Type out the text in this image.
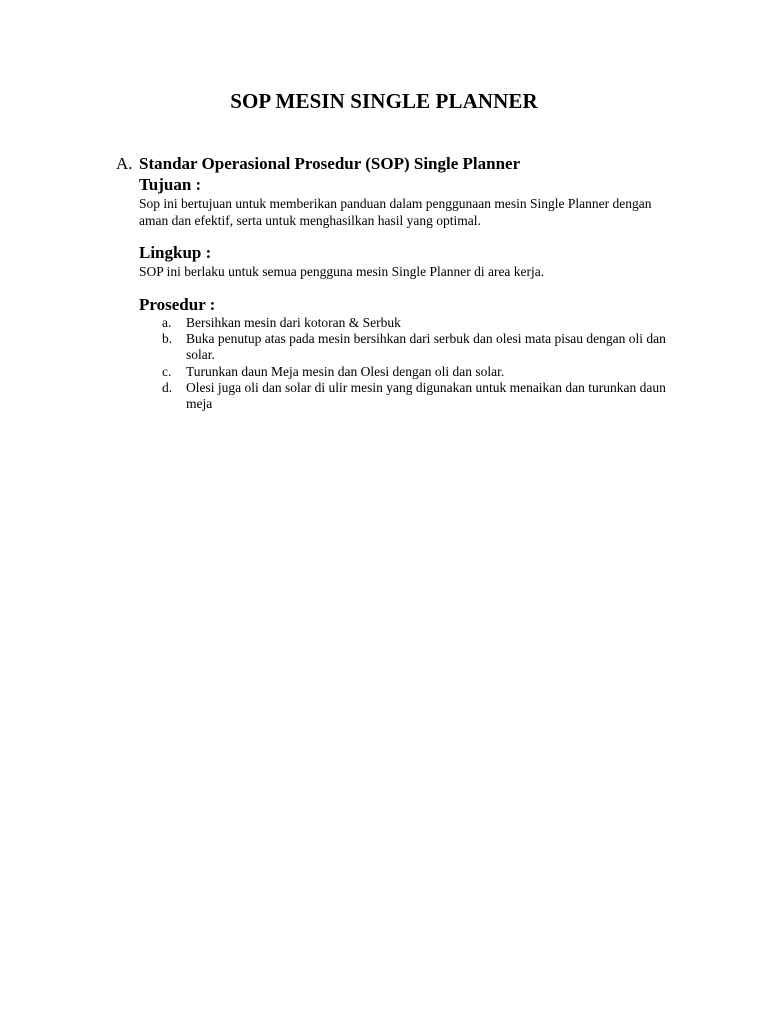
SOP MESIN SINGLE PLANNER
A. Standar Operasional Prosedur (SOP) Single Planner
Tujuan :

Sop ini bertujuan untuk memberikan panduan dalam penggunaan mesin Single Planner dengan aman dan efektif, serta untuk menghasilkan hasil yang optimal.

Lingkup :

SOP ini berlaku untuk semua pengguna mesin Single Planner di area kerja.

Prosedur :
a.	Bersihkan mesin dari kotoran & Serbuk
b.	Buka penutup atas pada mesin bersihkan dari serbuk dan olesi mata pisau dengan oli dan solar.
c.	Turunkan daun Meja mesin dan Olesi dengan oli dan solar.
d.	Olesi juga oli dan solar di ulir mesin yang digunakan untuk menaikan dan turunkan daun meja
